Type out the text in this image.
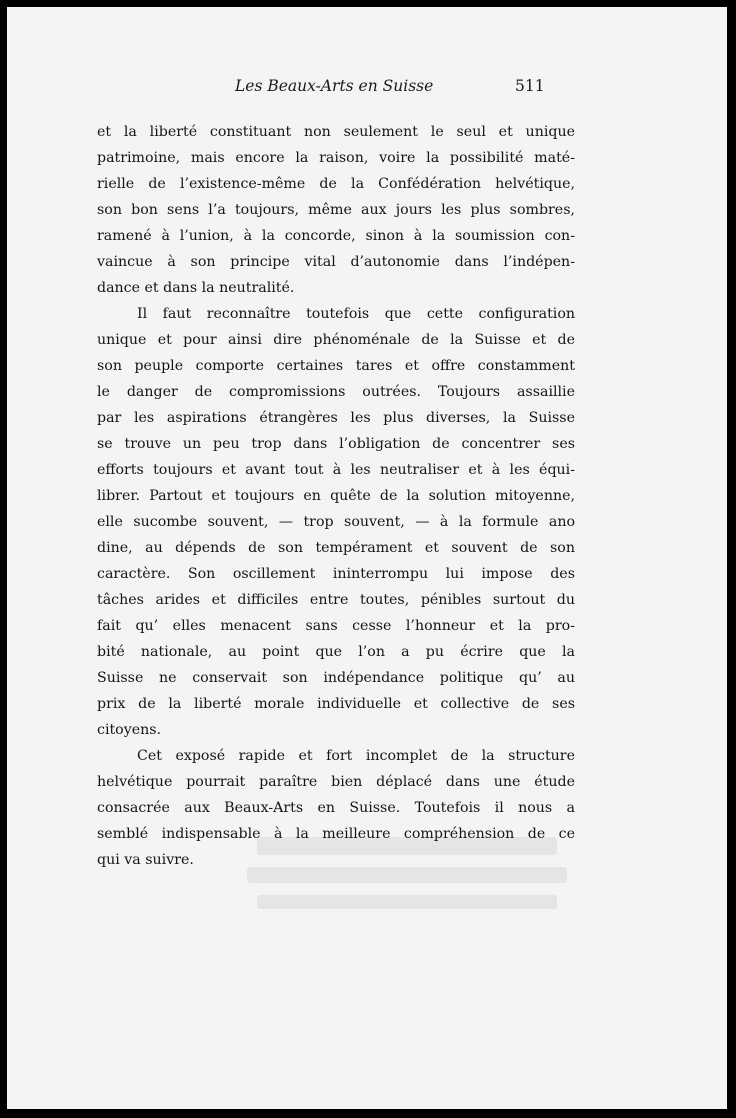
Les Beaux-Arts en Suisse	511
et la liberté constituant non seulement le seul et unique
patrimoine, mais encore la raison, voire la possibilité maté-
rielle de l’existence-même de la Confédération helvétique,
son bon sens l’a toujours, même aux jours les plus sombres,
ramené à l’union, à la concorde, sinon à la soumission con-
vaincue à son principe vital d’autonomie dans l’indépen-
dance et dans la neutralité.
Il faut reconnaître toutefois que cette configuration
unique et pour ainsi dire phénoménale de la Suisse et de
son peuple comporte certaines tares et offre constamment
le danger de compromissions outrées. Toujours assaillie
par les aspirations étrangères les plus diverses, la Suisse
se trouve un peu trop dans l’obligation de concentrer ses
efforts toujours et avant tout à les neutraliser et à les équi-
librer. Partout et toujours en quête de la solution mitoyenne,
elle sucombe souvent, — trop souvent, — à la formule ano
dine, au dépends de son tempérament et souvent de son
caractère. Son oscillement ininterrompu lui impose des
tâches arides et difficiles entre toutes, pénibles surtout du
fait qu’ elles menacent sans cesse l’honneur et la pro-
bité nationale, au point que l’on a pu écrire que la
Suisse ne conservait son indépendance politique qu’ au
prix de la liberté morale individuelle et collective de ses
citoyens.
Cet exposé rapide et fort incomplet de la structure
helvétique pourrait paraître bien déplacé dans une étude
consacrée aux Beaux-Arts en Suisse. Toutefois il nous a
semblé indispensable à la meilleure compréhension de ce
qui va suivre.
